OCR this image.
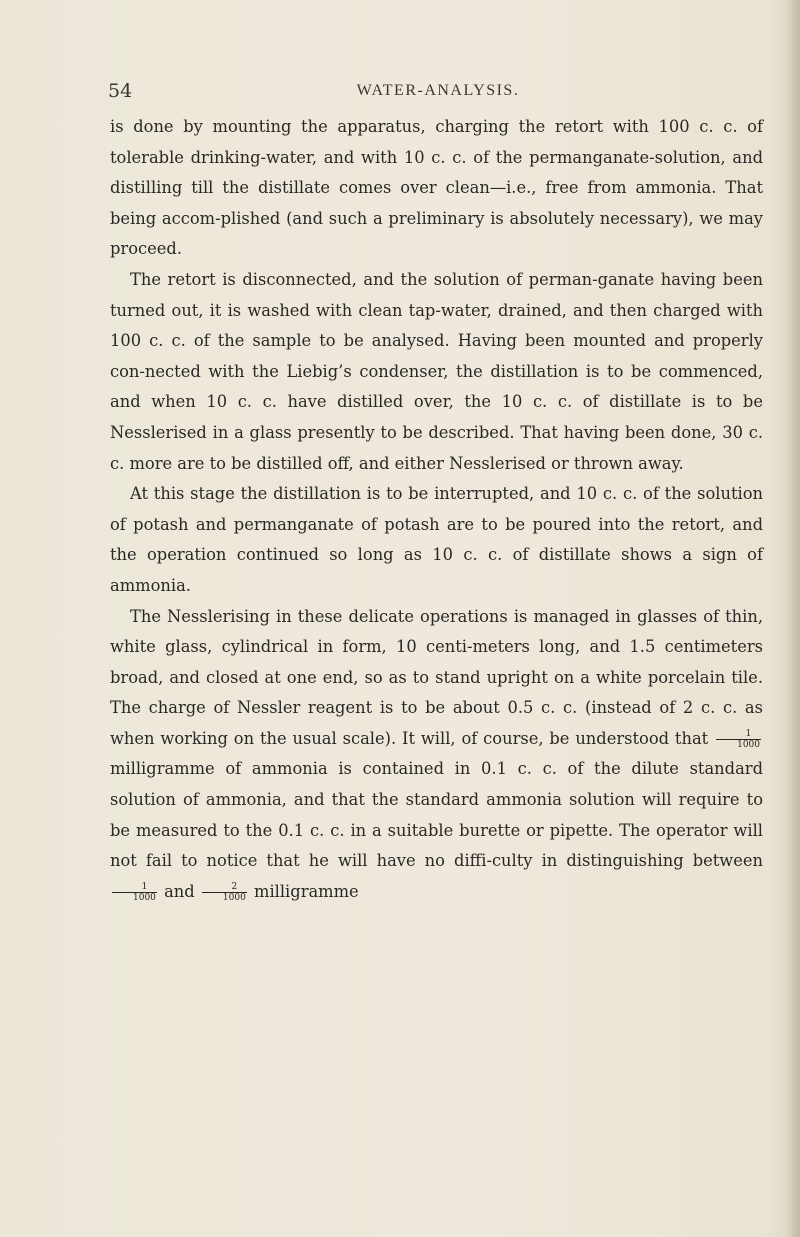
54	WATER-ANALYSIS.

is done by mounting the apparatus, charging the retort with 100 c. c. of tolerable drinking-water, and with 10 c. c. of the permanganate-solution, and distilling till the distillate comes over clean—i.e., free from ammonia. That being accom-plished (and such a preliminary is absolutely necessary), we may proceed.

The retort is disconnected, and the solution of perman-ganate having been turned out, it is washed with clean tap-water, drained, and then charged with 100 c. c. of the sample to be analysed. Having been mounted and properly con-nected with the Liebig’s condenser, the distillation is to be commenced, and when 10 c. c. have distilled over, the 10 c. c. of distillate is to be Nesslerised in a glass presently to be described. That having been done, 30 c. c. more are to be distilled off, and either Nesslerised or thrown away.

At this stage the distillation is to be interrupted, and 10 c. c. of the solution of potash and permanganate of potash are to be poured into the retort, and the operation continued so long as 10 c. c. of distillate shows a sign of ammonia.

The Nesslerising in these delicate operations is managed in glasses of thin, white glass, cylindrical in form, 10 centi-meters long, and 1.5 centimeters broad, and closed at one end, so as to stand upright on a white porcelain tile. The charge of Nessler reagent is to be about 0.5 c. c. (instead of 2 c. c. as when working on the usual scale). It will, of course, be understood that $\frac{1}{1000}$
milligramme of ammonia is contained in 0.1 c. c. of the dilute standard solution of ammonia, and that the standard ammonia solution will require to be measured to the 0.1 c. c. in a suitable burette or pipette. The operator will not fail to notice that he will have no diffi-culty in distinguishing between
$\frac{1}{1000}$ and $\frac{2}{1000}$ milligramme
